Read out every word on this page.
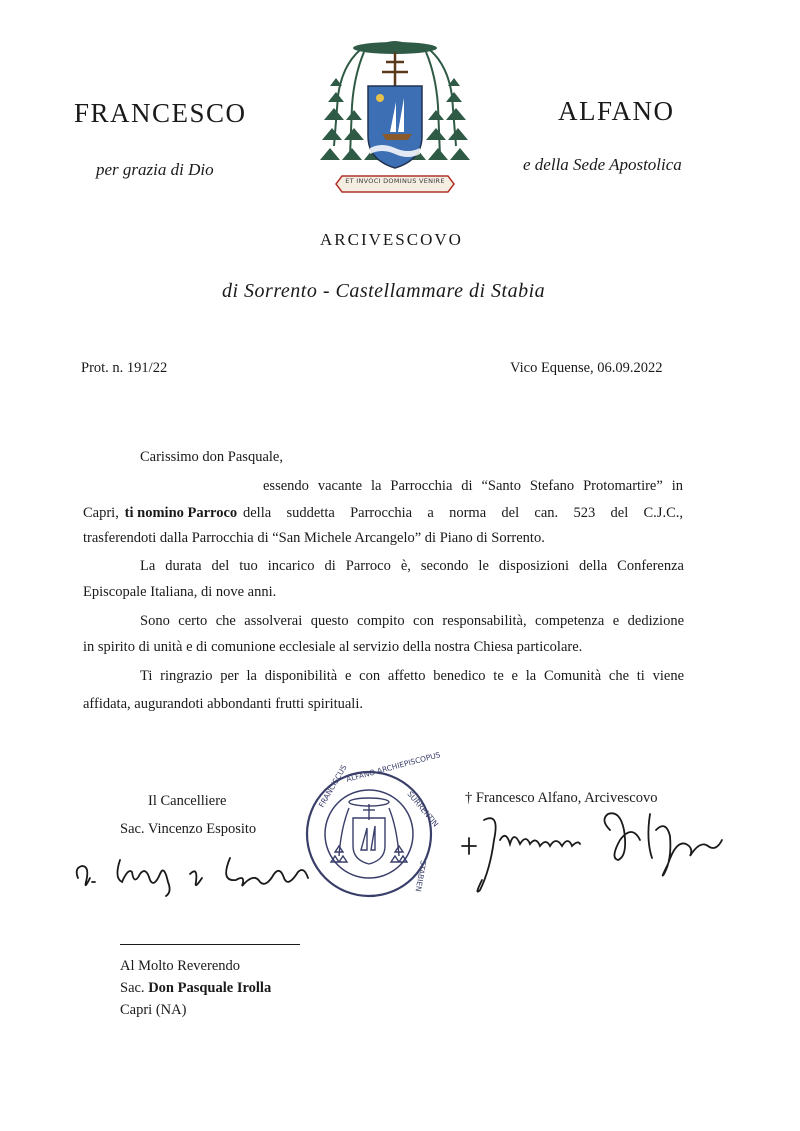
FRANCESCO	ALFANO
per grazia di Dio	e della Sede Apostolica
ET INVOCI DOMINUS VENIRE
ARCIVESCOVO
di Sorrento - Castellammare di Stabia
Prot. n. 191/22	Vico Equense, 06.09.2022
Carissimo don Pasquale,
essendo vacante la Parrocchia di “Santo Stefano Protomartire” in
Capri, ti nomino Parroco della suddetta Parrocchia a norma del can. 523 del C.J.C.,
trasferendoti dalla Parrocchia di “San Michele Arcangelo” di Piano di Sorrento.
La durata del tuo incarico di Parroco è, secondo le disposizioni della Conferenza
Episcopale Italiana, di nove anni.
Sono certo che assolverai questo compito con responsabilità, competenza e dedizione
in spirito di unità e di comunione ecclesiale al servizio della nostra Chiesa particolare.
Ti ringrazio per la disponibilità e con affetto benedico te e la Comunità che ti viene
affidata, augurandoti abbondanti frutti spirituali.
Il Cancelliere
Sac. Vincenzo Esposito
† Francesco Alfano, Arcivescovo
FRANCISCUS
ALFANO ARCHIEPISCOPUS
SURRENTIN
STABIEN
Al Molto Reverendo
Sac. Don Pasquale Irolla
Capri (NA)
